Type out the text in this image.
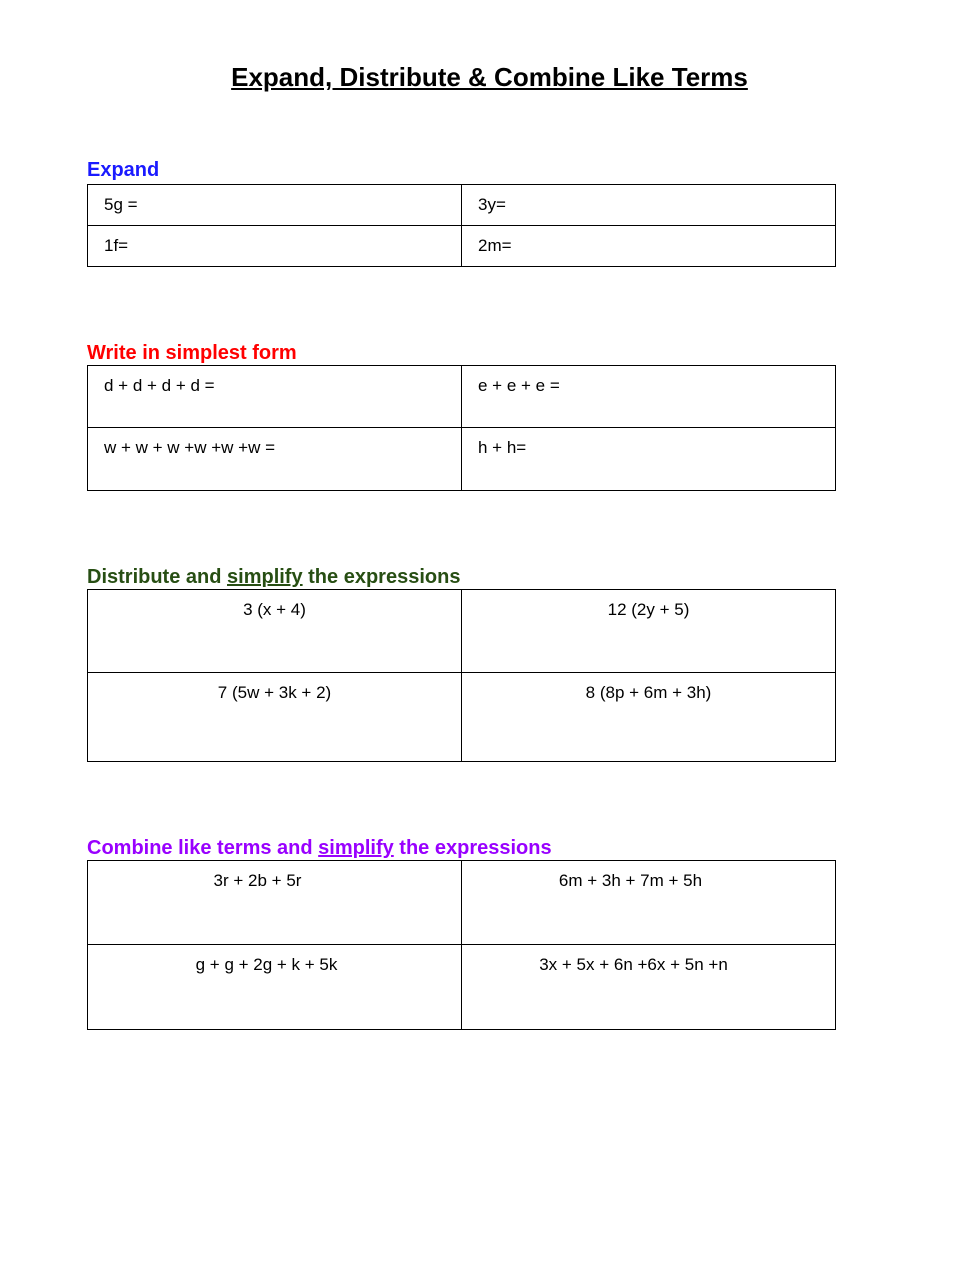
Expand, Distribute & Combine Like Terms
Expand
5g =	3y=
1f=	2m=
Write in simplest form
d + d + d + d =	e + e + e =
w + w + w +w +w +w =	h + h=
Distribute and simplify the expressions
3 (x + 4)	12 (2y + 5)
7 (5w + 3k + 2)	8 (8p + 6m + 3h)
Combine like terms and simplify the expressions
3r + 2b + 5r	6m + 3h + 7m + 5h
g + g + 2g + k + 5k	3x + 5x + 6n +6x + 5n +n
